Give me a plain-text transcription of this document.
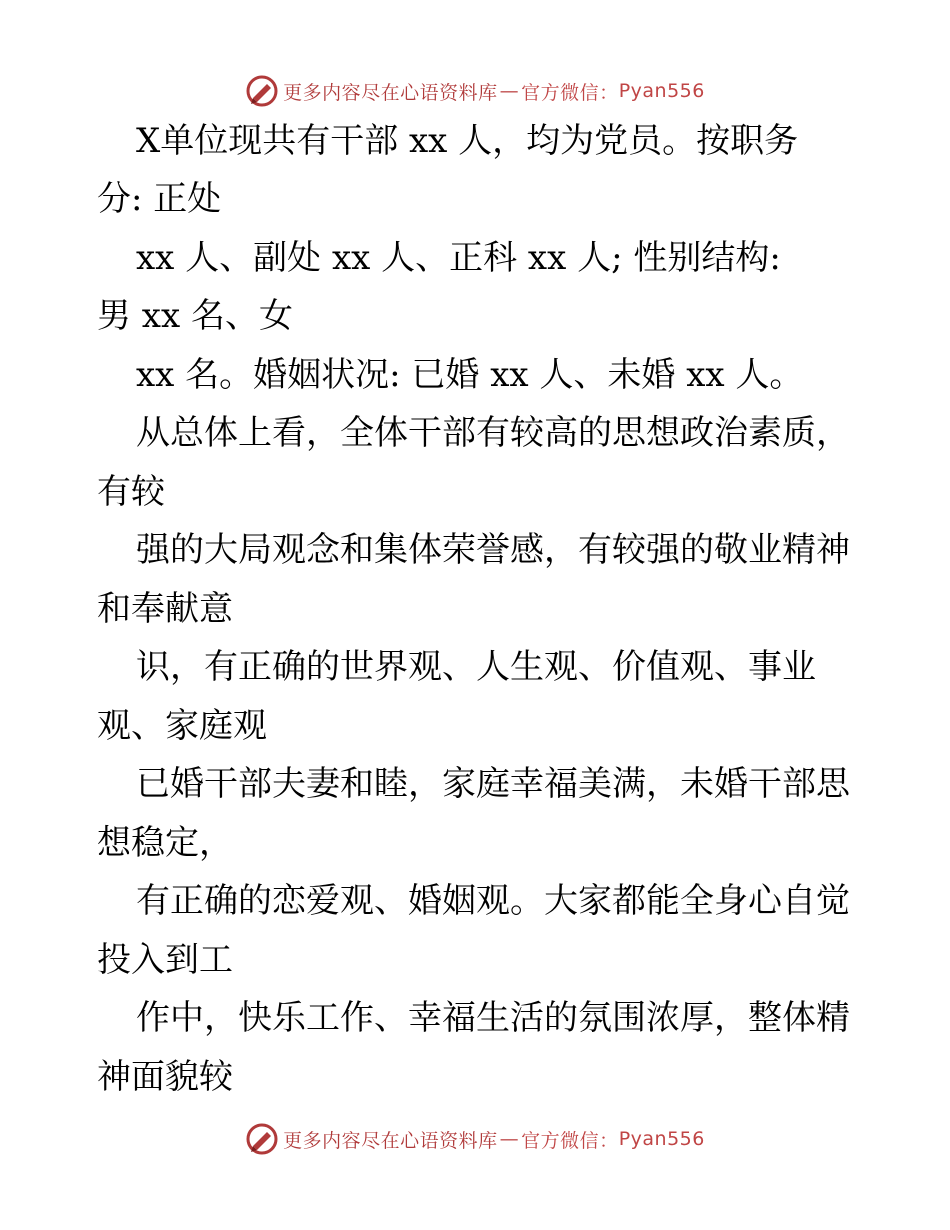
更多内容尽在心语资料库 — 官方微信： Pyan556
X单位现共有干部 xx 人，均为党员。按职务
分: 正处
xx 人、副处 xx 人、正科 xx 人; 性别结构:
男 xx 名、女
xx 名。婚姻状况: 已婚 xx 人、未婚 xx 人。
从总体上看，全体干部有较高的思想政治素质，
有较
强的大局观念和集体荣誉感，有较强的敬业精神
和奉献意
识，有正确的世界观、人生观、价值观、事业
观、家庭观
已婚干部夫妻和睦，家庭幸福美满，未婚干部思
想稳定，
有正确的恋爱观、婚姻观。大家都能全身心自觉
投入到工
作中，快乐工作、幸福生活的氛围浓厚，整体精
神面貌较
更多内容尽在心语资料库 — 官方微信： Pyan556
